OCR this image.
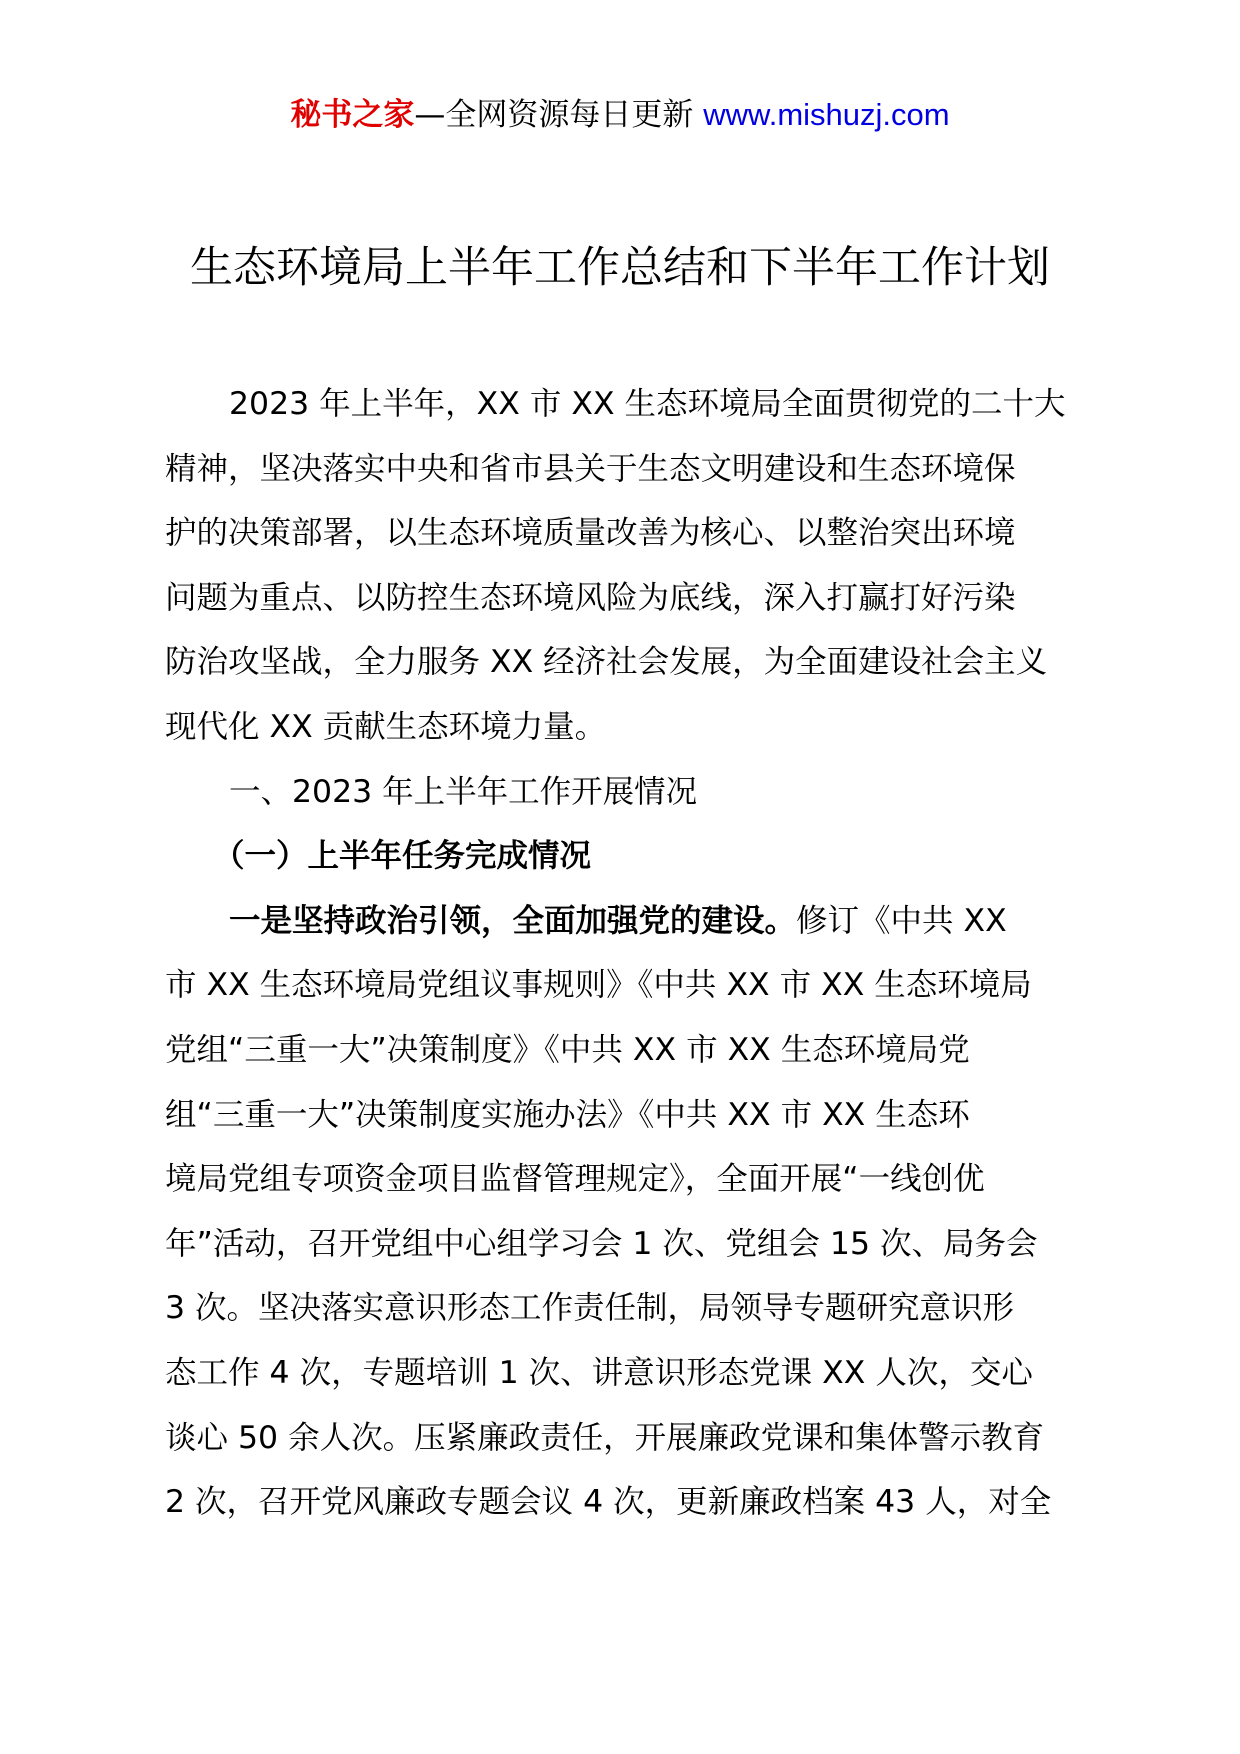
秘书之家—全网资源每日更新 www.mishuzj.com
生态环境局上半年工作总结和下半年工作计划
2023 年上半年，XX 市 XX 生态环境局全面贯彻党的二十大
精神，坚决落实中央和省市县关于生态文明建设和生态环境保
护的决策部署，以生态环境质量改善为核心、以整治突出环境
问题为重点、以防控生态环境风险为底线，深入打赢打好污染
防治攻坚战，全力服务 XX 经济社会发展，为全面建设社会主义
现代化 XX 贡献生态环境力量。
一、2023 年上半年工作开展情况
（一）上半年任务完成情况
一是坚持政治引领，全面加强党的建设。修订《中共 XX
市 XX 生态环境局党组议事规则》《中共 XX 市 XX 生态环境局
党组“三重一大”决策制度》《中共 XX 市 XX 生态环境局党
组“三重一大”决策制度实施办法》《中共 XX 市 XX 生态环
境局党组专项资金项目监督管理规定》，全面开展“一线创优
年”活动，召开党组中心组学习会 1 次、党组会 15 次、局务会
3 次。坚决落实意识形态工作责任制，局领导专题研究意识形
态工作 4 次，专题培训 1 次、讲意识形态党课 XX 人次，交心
谈心 50 余人次。压紧廉政责任，开展廉政党课和集体警示教育
2 次，召开党风廉政专题会议 4 次，更新廉政档案 43 人，对全
